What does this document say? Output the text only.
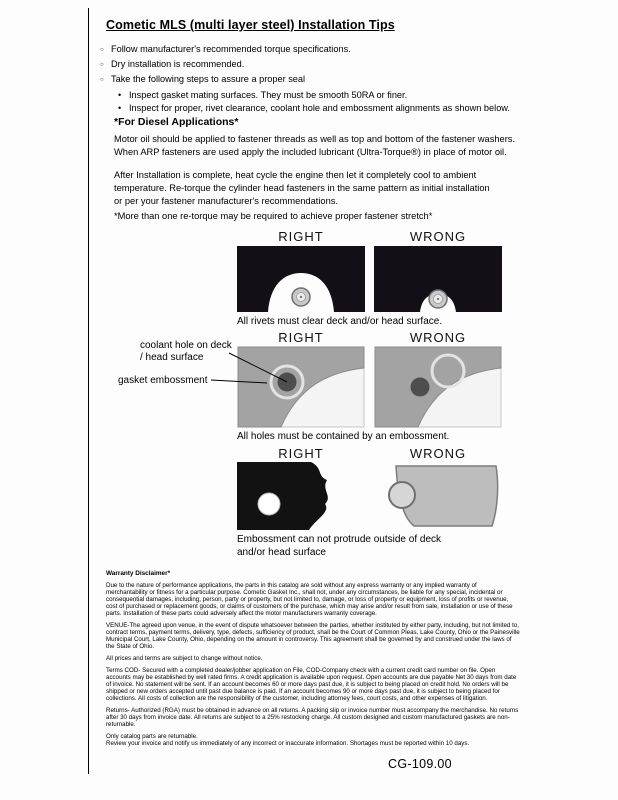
Cometic MLS (multi layer steel) Installation Tips
○
Follow manufacturer's recommended torque specifications.
○
Dry installation is recommended.
○
Take the following steps to assure a proper seal
•
Inspect gasket mating surfaces. They must be smooth 50RA or finer.
•
Inspect for proper, rivet clearance, coolant hole and embossment alignments as shown below.
*For Diesel Applications*
Motor oil should be applied to fastener threads as well as top and bottom of the fastener washers.
When ARP fasteners are used apply the included lubricant (Ultra-Torque®) in place of motor oil.
After Installation is complete, heat cycle the engine then let it completely cool to ambient
temperature. Re-torque the cylinder head fasteners in the same pattern as initial installation
or per your fastener manufacturer's recommendations.
*More than one re-torque may be required to achieve proper fastener stretch*
RIGHT	WRONG
All rivets must clear deck and/or head surface.
RIGHT	WRONG
coolant hole on deck / head surface
gasket embossment
All holes must be contained by an embossment.
RIGHT	WRONG
Embossment can not protrude outside of deck and/or head surface
Warranty Disclaimer*

Due to the nature of performance applications, the parts in this catalog are sold without any express warranty or any implied warranty of merchantability or fitness for a particular purpose. Cometic Gasket Inc., shall not, under any circumstances, be liable for any special, incidental or consequential damages, including, person, party or property, but not limited to, damage, or loss of property or equipment, loss of profits or revenue, cost of purchased or replacement goods, or claims of customers of the purchase, which may arise and/or result from sale, installation or use of these parts. Installation of these parts could adversely affect the motor manufacturers warranty coverage.

VENUE-The agreed upon venue, in the event of dispute whatsoever between the parties, whether instituted by either party, including, but not limited to, contract terms, payment terms, delivery, type, defects, sufficiency of product, shall be the Court of Common Pleas, Lake County, Ohio or the Painesville Municipal Court, Lake County, Ohio, depending on the amount in controversy. This agreement shall be governed by and construed under the laws of the State of Ohio.

All prices and terms are subject to change without notice.

Terms COD- Secured with a completed dealer/jobber application on File, COD-Company check with a current credit card number on file. Open accounts may be established by well rated firms. A credit application is available upon request. Open accounts are due payable Net 30 days from date of invoice. No statement will be sent. If an account becomes 60 or more days past due, it is subject to being placed on credit hold. No orders will be shipped or new orders accepted until past due balance is paid. If an account becomes 90 or more days past due, it is subject to being placed for collections. All costs of collection are the responsibility of the customer, including attorney fees, court costs, and other expenses of litigation.

Returns- Authorized (RGA) must be obtained in advance on all returns. A packing slip or invoice number must accompany the merchandise. No returns after 30 days from invoice date. All returns are subject to a 25% restocking charge. All custom designed and custom manufactured gaskets are non-returnable.

Only catalog parts are returnable.

Review your invoice and notify us immediately of any incorrect or inaccurate information. Shortages must be reported within 10 days.

CG-109.00
